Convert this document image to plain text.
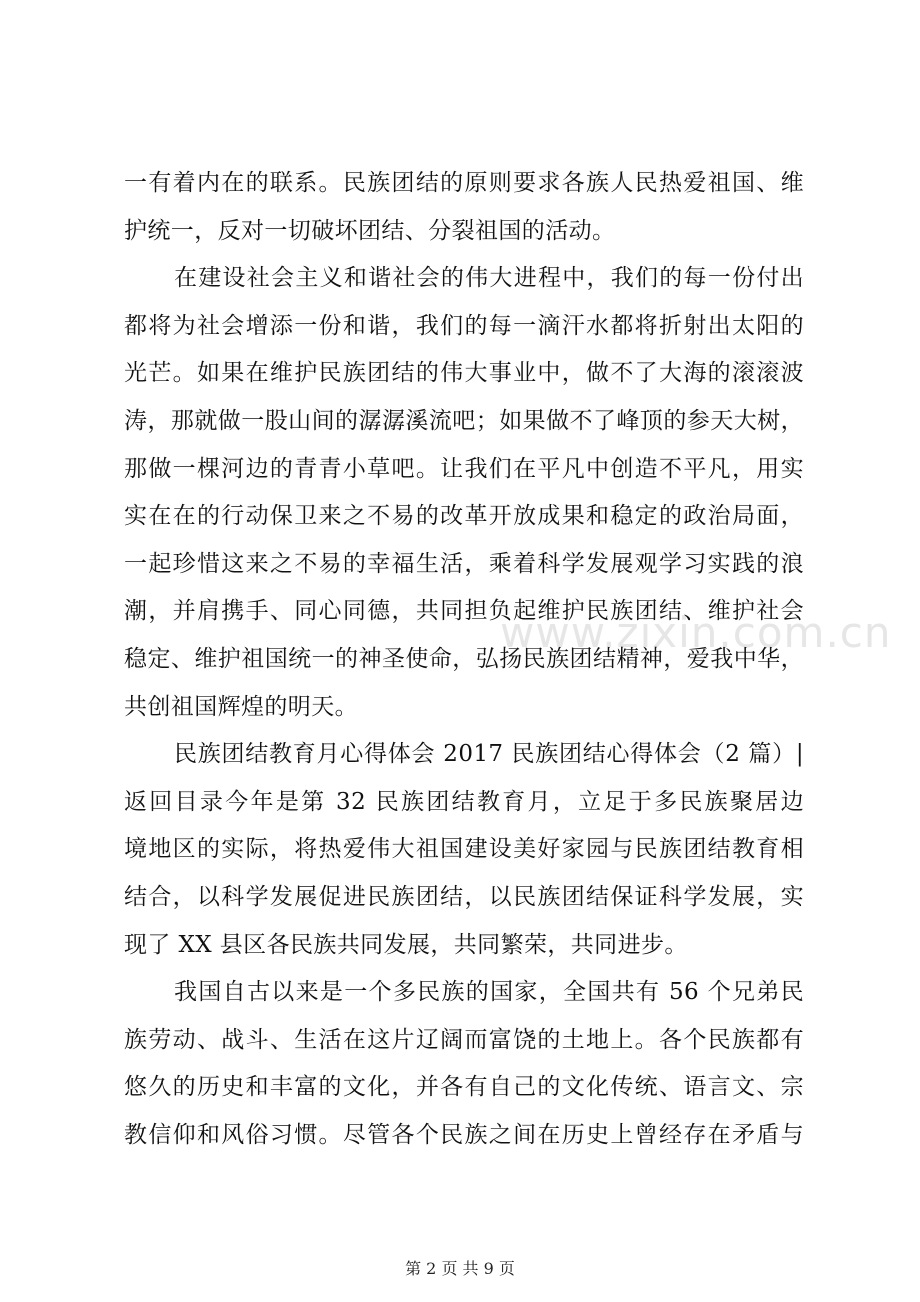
www.zixin.com.cn
一有着内在的联系。民族团结的原则要求各族人民热爱祖国、维
护统一，反对一切破坏团结、分裂祖国的活动。
在建设社会主义和谐社会的伟大进程中，我们的每一份付出
都将为社会增添一份和谐，我们的每一滴汗水都将折射出太阳的
光芒。如果在维护民族团结的伟大事业中，做不了大海的滚滚波
涛，那就做一股山间的潺潺溪流吧；如果做不了峰顶的参天大树，
那做一棵河边的青青小草吧。让我们在平凡中创造不平凡，用实
实在在的行动保卫来之不易的改革开放成果和稳定的政治局面，
一起珍惜这来之不易的幸福生活，乘着科学发展观学习实践的浪
潮，并肩携手、同心同德，共同担负起维护民族团结、维护社会
稳定、维护祖国统一的神圣使命，弘扬民族团结精神，爱我中华，
共创祖国辉煌的明天。
民族团结教育月心得体会 2017 民族团结心得体会（2 篇）|
返回目录今年是第 32 民族团结教育月，立足于多民族聚居边
境地区的实际，将热爱伟大祖国建设美好家园与民族团结教育相
结合，以科学发展促进民族团结，以民族团结保证科学发展，实
现了 XX 县区各民族共同发展，共同繁荣，共同进步。
我国自古以来是一个多民族的国家，全国共有 56 个兄弟民
族劳动、战斗、生活在这片辽阔而富饶的土地上。各个民族都有
悠久的历史和丰富的文化，并各有自己的文化传统、语言文、宗
教信仰和风俗习惯。尽管各个民族之间在历史上曾经存在矛盾与
第 2 页 共 9 页
